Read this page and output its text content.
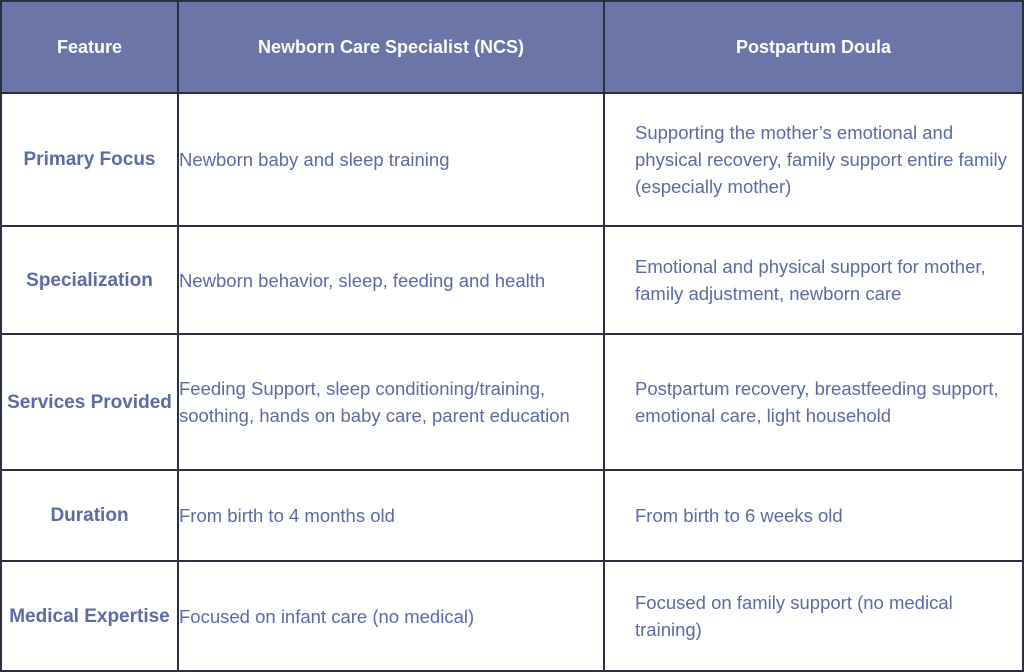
Feature	Newborn Care Specialist (NCS)	Postpartum Doula
Primary Focus	Newborn baby and sleep training	Supporting the mother’s emotional and physical recovery, family support entire family (especially mother)
Specialization	Newborn behavior, sleep, feeding and health	Emotional and physical support for mother, family adjustment, newborn care
Services Provided	Feeding Support, sleep conditioning/training, soothing, hands on baby care, parent education	Postpartum recovery, breastfeeding support, emotional care, light household
Duration	From birth to 4 months old	From birth to 6 weeks old
Medical Expertise	Focused on infant care (no medical)	Focused on family support (no medical training)
